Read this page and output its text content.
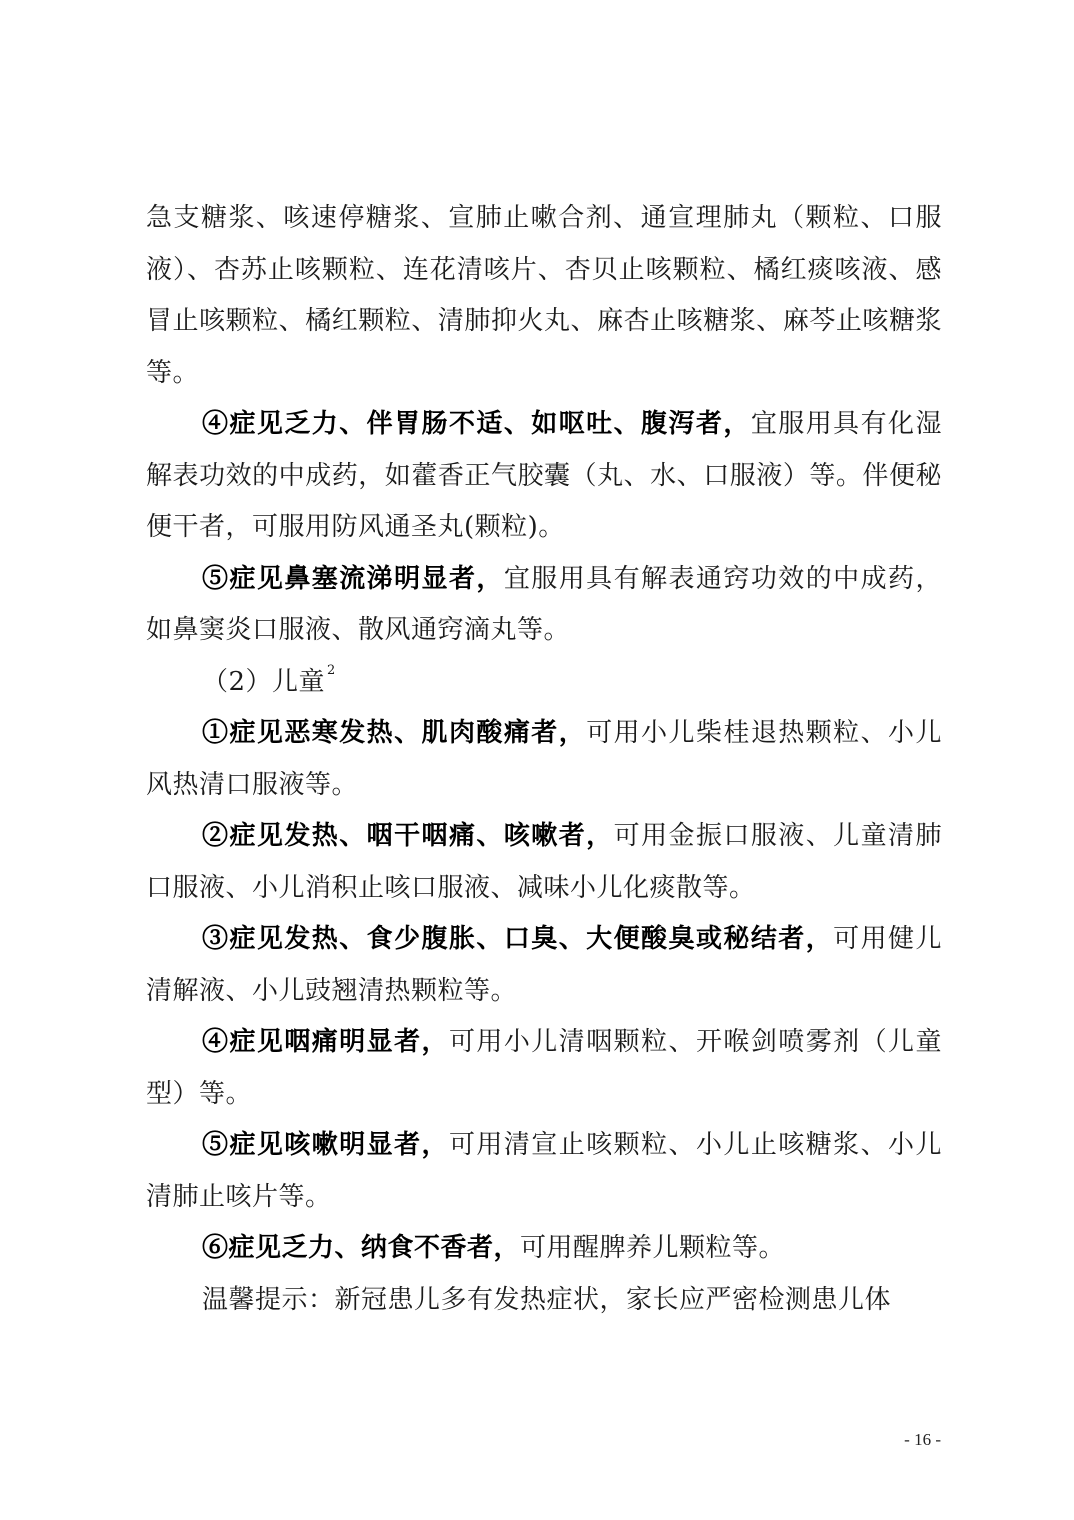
急支糖浆、咳速停糖浆、宣肺止嗽合剂、通宣理肺丸（颗粒、口服液）、杏苏止咳颗粒、连花清咳片、杏贝止咳颗粒、橘红痰咳液、感冒止咳颗粒、橘红颗粒、清肺抑火丸、麻杏止咳糖浆、麻芩止咳糖浆等。

④症见乏力、伴胃肠不适、如呕吐、腹泻者，宜服用具有化湿解表功效的中成药，如藿香正气胶囊（丸、水、口服液）等。伴便秘便干者，可服用防风通圣丸(颗粒)。

⑤症见鼻塞流涕明显者，宜服用具有解表通窍功效的中成药，如鼻窦炎口服液、散风通窍滴丸等。

（2）儿童 $^2$

①症见恶寒发热、肌肉酸痛者，可用小儿柴桂退热颗粒、小儿风热清口服液等。

②症见发热、咽干咽痛、咳嗽者，可用金振口服液、儿童清肺口服液、小儿消积止咳口服液、减味小儿化痰散等。

③症见发热、食少腹胀、口臭、大便酸臭或秘结者，可用健儿清解液、小儿豉翘清热颗粒等。

④症见咽痛明显者，可用小儿清咽颗粒、开喉剑喷雾剂（儿童型）等。

⑤症见咳嗽明显者，可用清宣止咳颗粒、小儿止咳糖浆、小儿清肺止咳片等。

⑥症见乏力、纳食不香者，可用醒脾养儿颗粒等。

温馨提示：新冠患儿多有发热症状，家长应严密检测患儿体

- 16 -
